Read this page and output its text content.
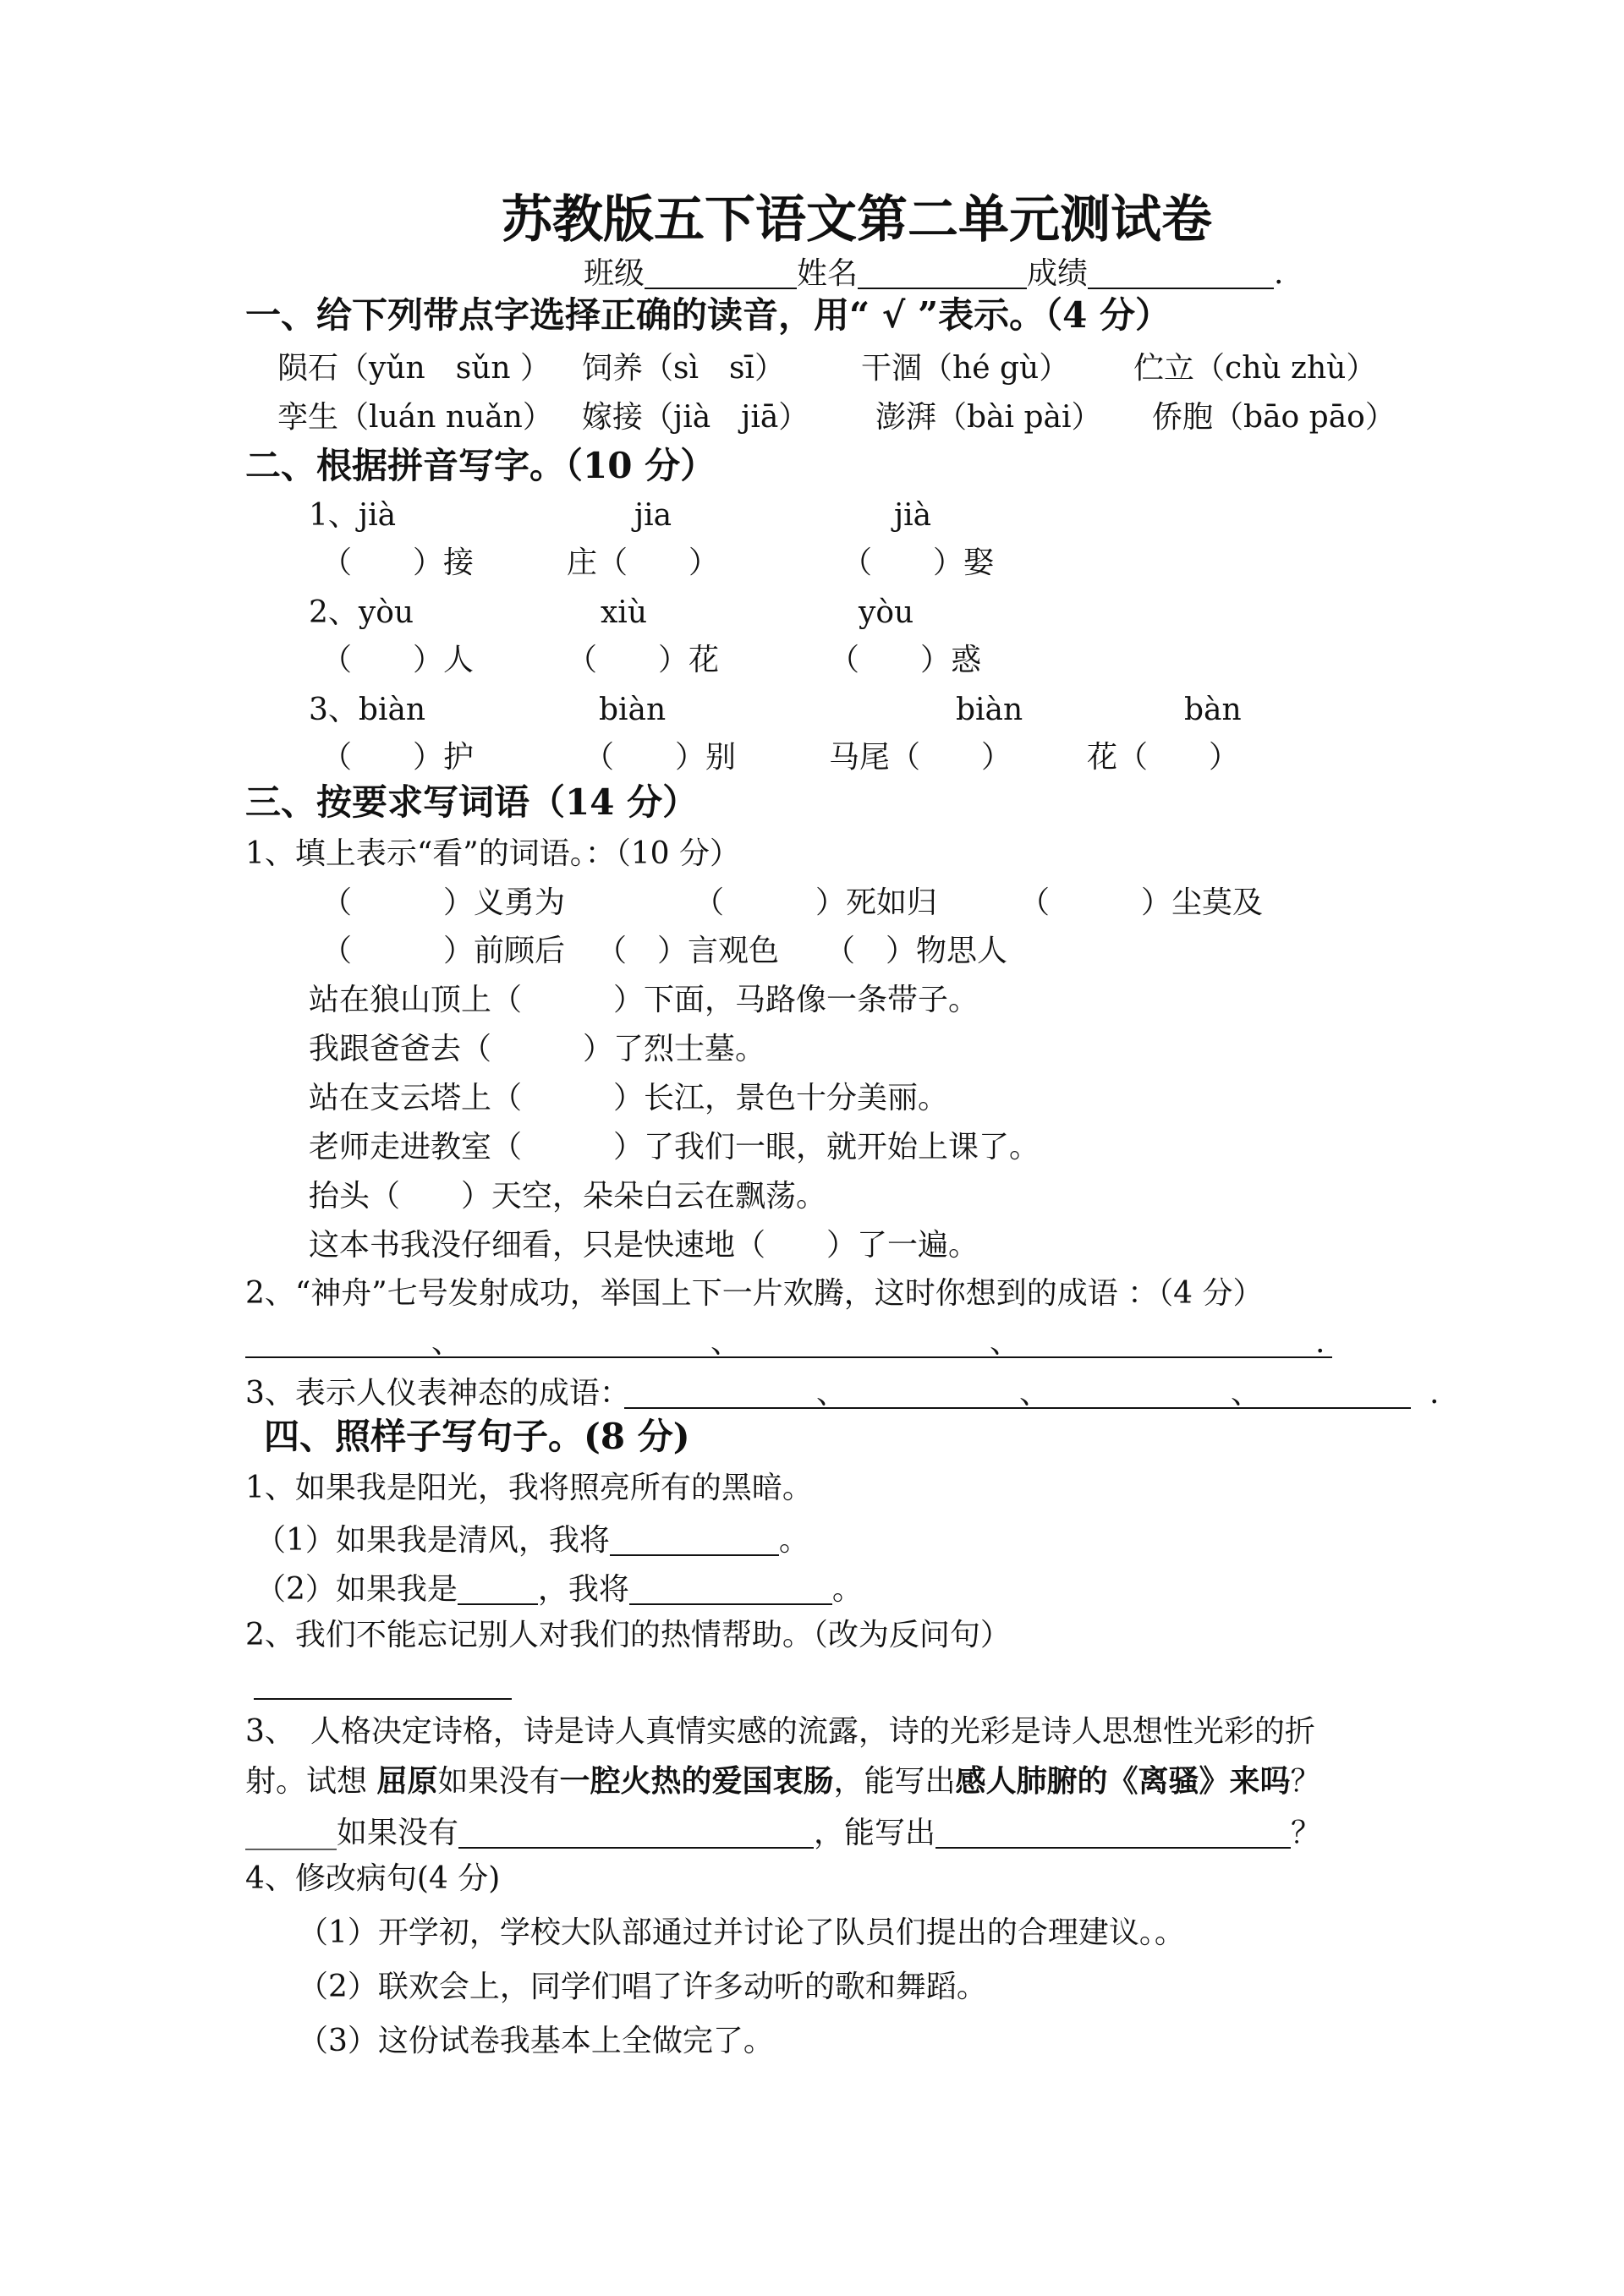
苏教版五下语文第二单元测试卷
班级	姓名	成绩	.
一、给下列带点字选择正确的读音，用“ √ ”表示。（4 分）
陨石（yǔn　sǔn ） 饲养（sì　sī） 干涸（hé gù） 伫立（chù zhù）
孪生（luán nuǎn） 嫁接（jià　jiā） 澎湃（bài pài） 侨胞（bāo pāo）
二、根据拼音写字。（10 分）
1、jià	jia	jià
（　　）接	庄（　　）	（　　）娶
2、yòu	xiù	yòu
（　　）人	（　　）花	（　　）惑
3、biàn	biàn	biàn	bàn
（　　）护	（　　）别	马尾（　　） 花（　　）
三、按要求写词语（14 分）
1、填上表示“看”的词语。：（10 分）
（　　　）义勇为	（　　　）死如归	（　　　）尘莫及
（　　　）前顾后 （　）言观色 （　）物思人
站在狼山顶上（　　　）下面，马路像一条带子。
我跟爸爸去（　　　）了烈士墓。
站在支云塔上（　　　）长江，景色十分美丽。
老师走进教室（　　　）了我们一眼，就开始上课了。
抬头（　　）天空，朵朵白云在飘荡。
这本书我没仔细看，只是快速地（　　）了一遍。
2、“神舟”七号发射成功，举国上下一片欢腾，这时你想到的成语 ：（4 分）
、	、	、	.
3、表示人仪表神态的成语：	、	、	、	.
四、照样子写句子。(8 分)
1、如果我是阳光，我将照亮所有的黑暗。
（1）如果我是清风，我将	。
（2）如果我是	，我将	。
2、我们不能忘记别人对我们的热情帮助。（改为反问句）
3、　人格决定诗格，诗是诗人真情实感的流露，诗的光彩是诗人思想性光彩的折
射。试想 屈原如果没有一腔火热的爱国衷肠，能写出感人肺腑的《离骚》来吗？
______如果没有	，能写出	？
4、修改病句(4 分)
（1）开学初，学校大队部通过并讨论了队员们提出的合理建议。。
（2）联欢会上，同学们唱了许多动听的歌和舞蹈。
（3）这份试卷我基本上全做完了。
